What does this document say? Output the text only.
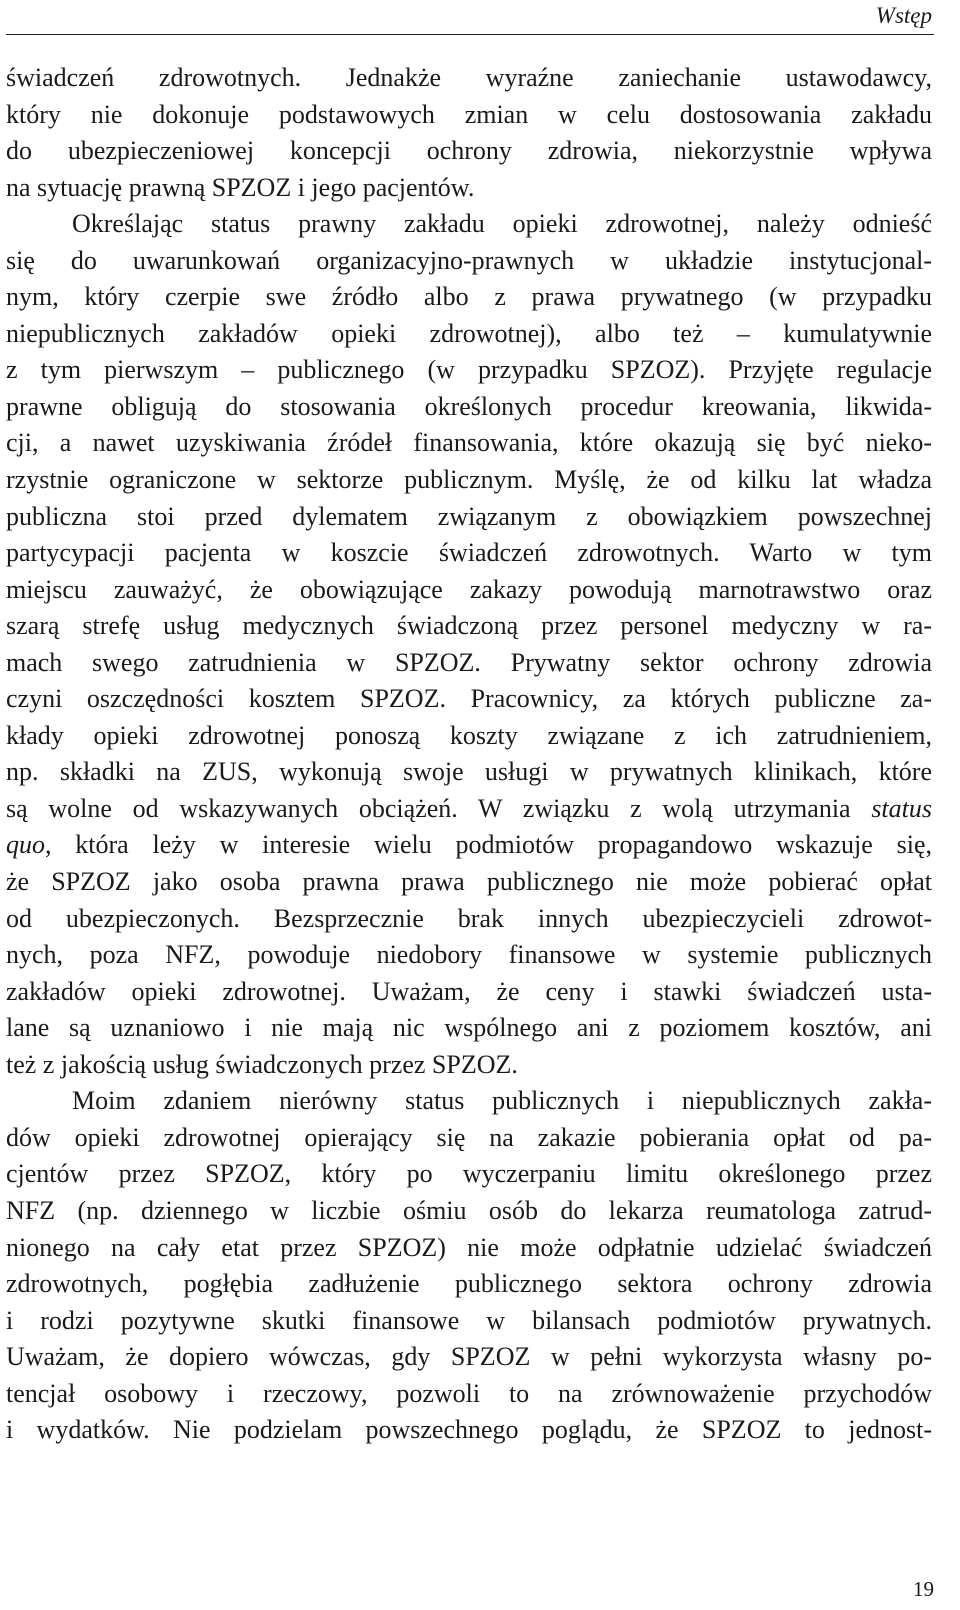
Wstęp
świadczeń zdrowotnych. Jednakże wyraźne zaniechanie ustawodawcy,
który nie dokonuje podstawowych zmian w celu dostosowania zakładu
do ubezpieczeniowej koncepcji ochrony zdrowia, niekorzystnie wpływa
na sytuację prawną SPZOZ i jego pacjentów.
Określając status prawny zakładu opieki zdrowotnej, należy odnieść
się do uwarunkowań organizacyjno-prawnych w układzie instytucjonal-
nym, który czerpie swe źródło albo z prawa prywatnego (w przypadku
niepublicznych zakładów opieki zdrowotnej), albo też – kumulatywnie
z tym pierwszym – publicznego (w przypadku SPZOZ). Przyjęte regulacje
prawne obligują do stosowania określonych procedur kreowania, likwida-
cji, a nawet uzyskiwania źródeł finansowania, które okazują się być nieko-
rzystnie ograniczone w sektorze publicznym. Myślę, że od kilku lat władza
publiczna stoi przed dylematem związanym z obowiązkiem powszechnej
partycypacji pacjenta w koszcie świadczeń zdrowotnych. Warto w tym
miejscu zauważyć, że obowiązujące zakazy powodują marnotrawstwo oraz
szarą strefę usług medycznych świadczoną przez personel medyczny w ra-
mach swego zatrudnienia w SPZOZ. Prywatny sektor ochrony zdrowia
czyni oszczędności kosztem SPZOZ. Pracownicy, za których publiczne za-
kłady opieki zdrowotnej ponoszą koszty związane z ich zatrudnieniem,
np. składki na ZUS, wykonują swoje usługi w prywatnych klinikach, które
są wolne od wskazywanych obciążeń. W związku z wolą utrzymania status
quo, która leży w interesie wielu podmiotów propagandowo wskazuje się,
że SPZOZ jako osoba prawna prawa publicznego nie może pobierać opłat
od ubezpieczonych. Bezsprzecznie brak innych ubezpieczycieli zdrowot-
nych, poza NFZ, powoduje niedobory finansowe w systemie publicznych
zakładów opieki zdrowotnej. Uważam, że ceny i stawki świadczeń usta-
lane są uznaniowo i nie mają nic wspólnego ani z poziomem kosztów, ani
też z jakością usług świadczonych przez SPZOZ.
Moim zdaniem nierówny status publicznych i niepublicznych zakła-
dów opieki zdrowotnej opierający się na zakazie pobierania opłat od pa-
cjentów przez SPZOZ, który po wyczerpaniu limitu określonego przez
NFZ (np. dziennego w liczbie ośmiu osób do lekarza reumatologa zatrud-
nionego na cały etat przez SPZOZ) nie może odpłatnie udzielać świadczeń
zdrowotnych, pogłębia zadłużenie publicznego sektora ochrony zdrowia
i rodzi pozytywne skutki finansowe w bilansach podmiotów prywatnych.
Uważam, że dopiero wówczas, gdy SPZOZ w pełni wykorzysta własny po-
tencjał osobowy i rzeczowy, pozwoli to na zrównoważenie przychodów
i wydatków. Nie podzielam powszechnego poglądu, że SPZOZ to jednost-
19
